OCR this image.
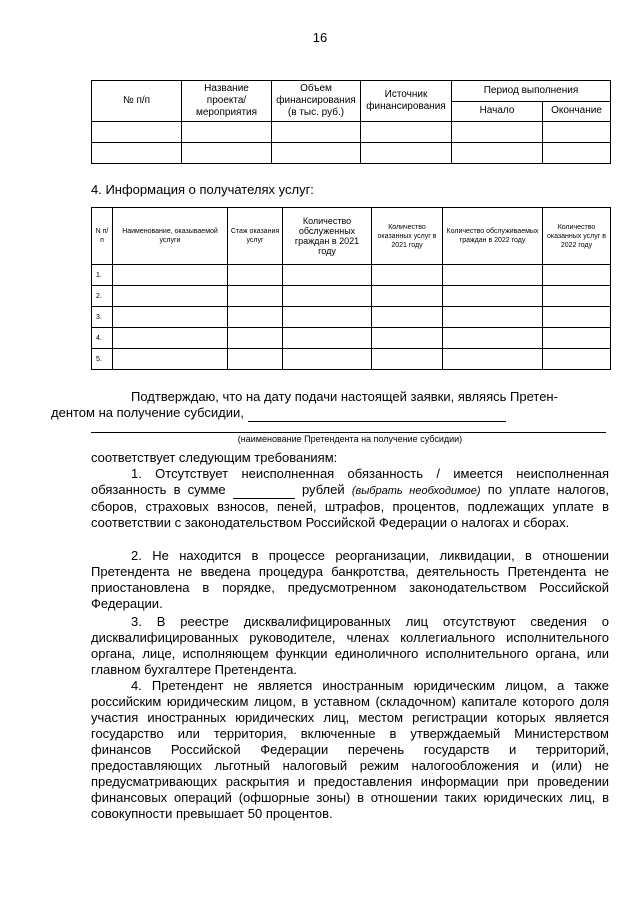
16
№ п/п	Название проекта/мероприятия	Объем финансирования (в тыс. руб.)	Источник финансирования	Период выполнения	
				Начало	Окончание

4. Информация о получателях услуг:
N п/п	Наименование, оказываемой услуги	Стаж оказания услуг	Количество обслуженных граждан в 2021 году	Количество оказанных услуг в 2021 году	Количество обслуживаемых граждан в 2022 году	Количество оказанных услуг в 2022 году
1.						
2.						
3.						
4.						
5.						
Подтверждаю, что на дату подачи настоящей заявки, являясь Претен-
дентом на получение субсидии,
(наименование Претендента на получение субсидии)
соответствует следующим требованиям:
1. Отсутствует неисполненная обязанность / имеется неисполненная обязанность в сумме	рублей (выбрать необходимое) по уплате налогов, сборов, страховых взносов, пеней, штрафов, процентов, подлежащих уплате в соответствии с законодательством Российской Федерации о налогах и сборах.
2. Не находится в процессе реорганизации, ликвидации, в отношении Претендента не введена процедура банкротства, деятельность Претендента не приостановлена в порядке, предусмотренном законодательством Российской Федерации.
3. В реестре дисквалифицированных лиц отсутствуют сведения о дисквалифицированных руководителе, членах коллегиального исполнительного органа, лице, исполняющем функции единоличного исполнительного органа, или главном бухгалтере Претендента.
4. Претендент не является иностранным юридическим лицом, а также российским юридическим лицом, в уставном (складочном) капитале которого доля участия иностранных юридических лиц, местом регистрации которых является государство или территория, включенные в утверждаемый Министерством финансов Российской Федерации перечень государств и территорий, предоставляющих льготный налоговый режим налогообложения и (или) не предусматривающих раскрытия и предоставления информации при проведении финансовых операций (офшорные зоны) в отношении таких юридических лиц, в совокупности превышает 50 процентов.
